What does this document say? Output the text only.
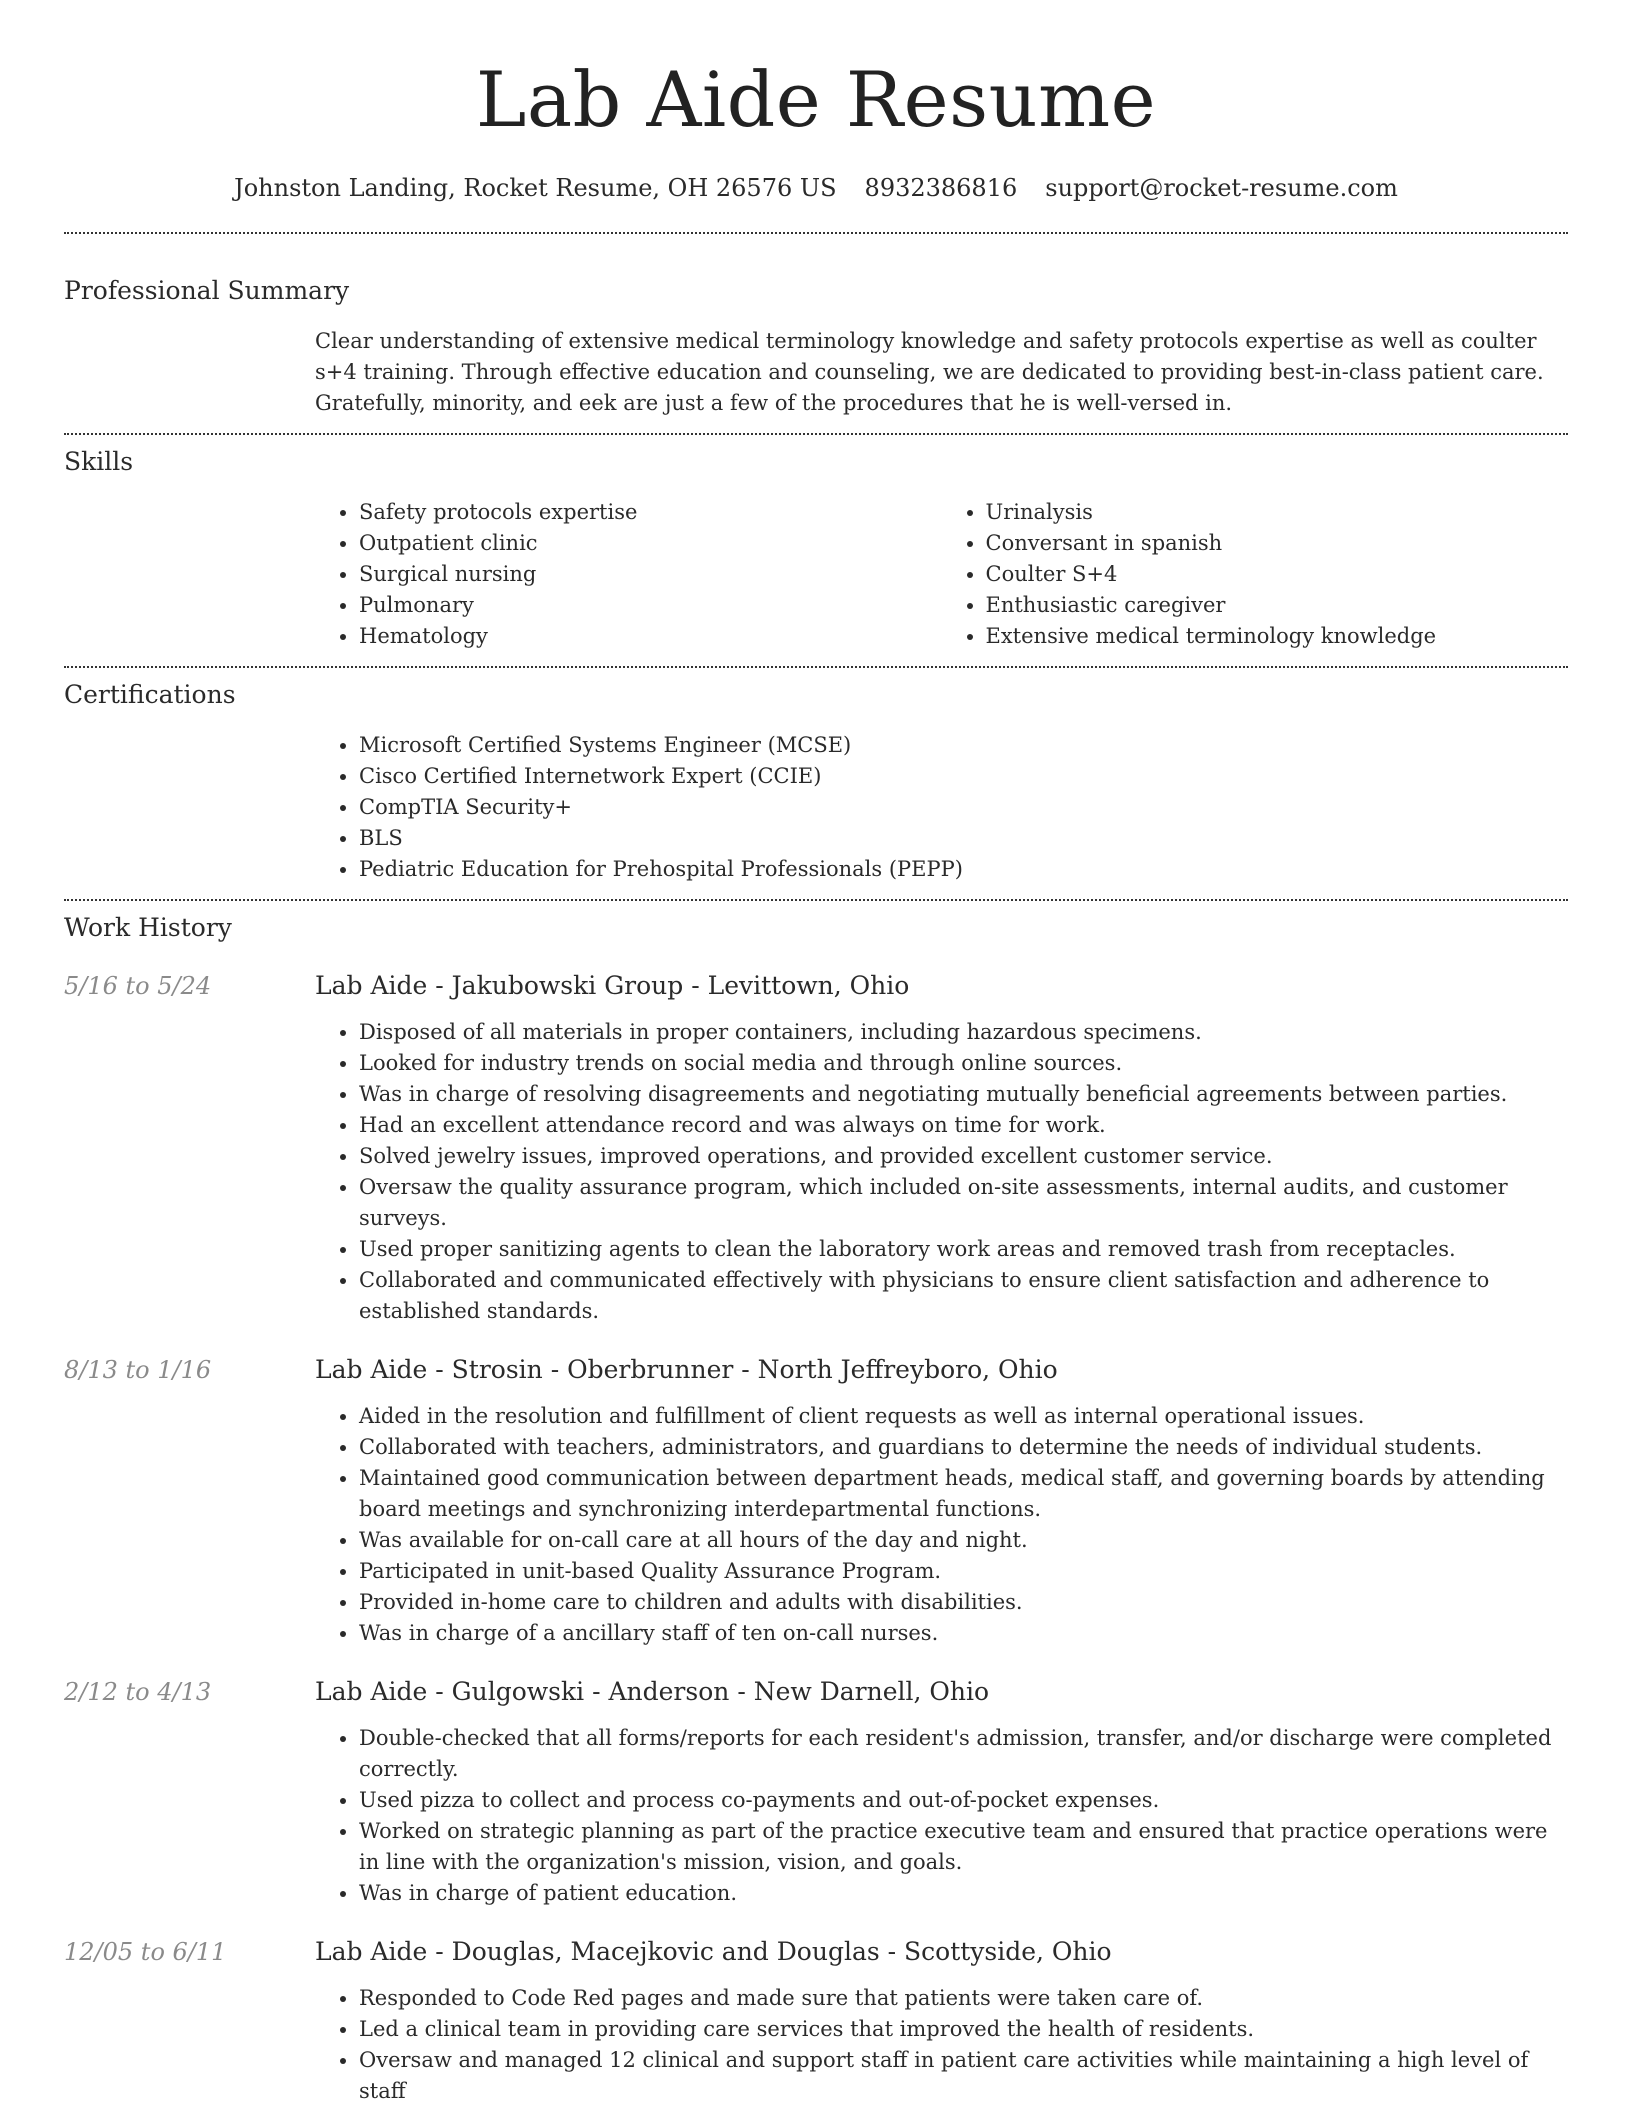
Lab Aide Resume
Johnston Landing, Rocket Resume, OH 26576 US 8932386816 support@rocket-resume.com
Professional Summary

Clear understanding of extensive medical terminology knowledge and safety protocols expertise as well as coulter s+4 training. Through effective education and counseling, we are dedicated to providing best-in-class patient care. Gratefully, minority, and eek are just a few of the procedures that he is well-versed in.

Skills
• Safety protocols expertise
• Outpatient clinic
• Surgical nursing
• Pulmonary
• Hematology
• Urinalysis
• Conversant in spanish
• Coulter S+4
• Enthusiastic caregiver
• Extensive medical terminology knowledge
Certifications
• Microsoft Certified Systems Engineer (MCSE)
• Cisco Certified Internetwork Expert (CCIE)
• CompTIA Security+
• BLS
• Pediatric Education for Prehospital Professionals (PEPP)
Work History
5/16 to 5/24	Lab Aide - Jakubowski Group - Levittown, Ohio
• Disposed of all materials in proper containers, including hazardous specimens.
• Looked for industry trends on social media and through online sources.
• Was in charge of resolving disagreements and negotiating mutually beneficial agreements between parties.
• Had an excellent attendance record and was always on time for work.
• Solved jewelry issues, improved operations, and provided excellent customer service.
• Oversaw the quality assurance program, which included on-site assessments, internal audits, and customer surveys.
• Used proper sanitizing agents to clean the laboratory work areas and removed trash from receptacles.
• Collaborated and communicated effectively with physicians to ensure client satisfaction and adherence to established standards.
8/13 to 1/16	Lab Aide - Strosin - Oberbrunner - North Jeffreyboro, Ohio
• Aided in the resolution and fulfillment of client requests as well as internal operational issues.
• Collaborated with teachers, administrators, and guardians to determine the needs of individual students.
• Maintained good communication between department heads, medical staff, and governing boards by attending board meetings and synchronizing interdepartmental functions.
• Was available for on-call care at all hours of the day and night.
• Participated in unit-based Quality Assurance Program.
• Provided in-home care to children and adults with disabilities.
• Was in charge of a ancillary staff of ten on-call nurses.
2/12 to 4/13	Lab Aide - Gulgowski - Anderson - New Darnell, Ohio
• Double-checked that all forms/reports for each resident's admission, transfer, and/or discharge were completed correctly.
• Used pizza to collect and process co-payments and out-of-pocket expenses.
• Worked on strategic planning as part of the practice executive team and ensured that practice operations were in line with the organization's mission, vision, and goals.
• Was in charge of patient education.
12/05 to 6/11	Lab Aide - Douglas, Macejkovic and Douglas - Scottyside, Ohio
• Responded to Code Red pages and made sure that patients were taken care of.
• Led a clinical team in providing care services that improved the health of residents.
• Oversaw and managed 12 clinical and support staff in patient care activities while maintaining a high level of staff
